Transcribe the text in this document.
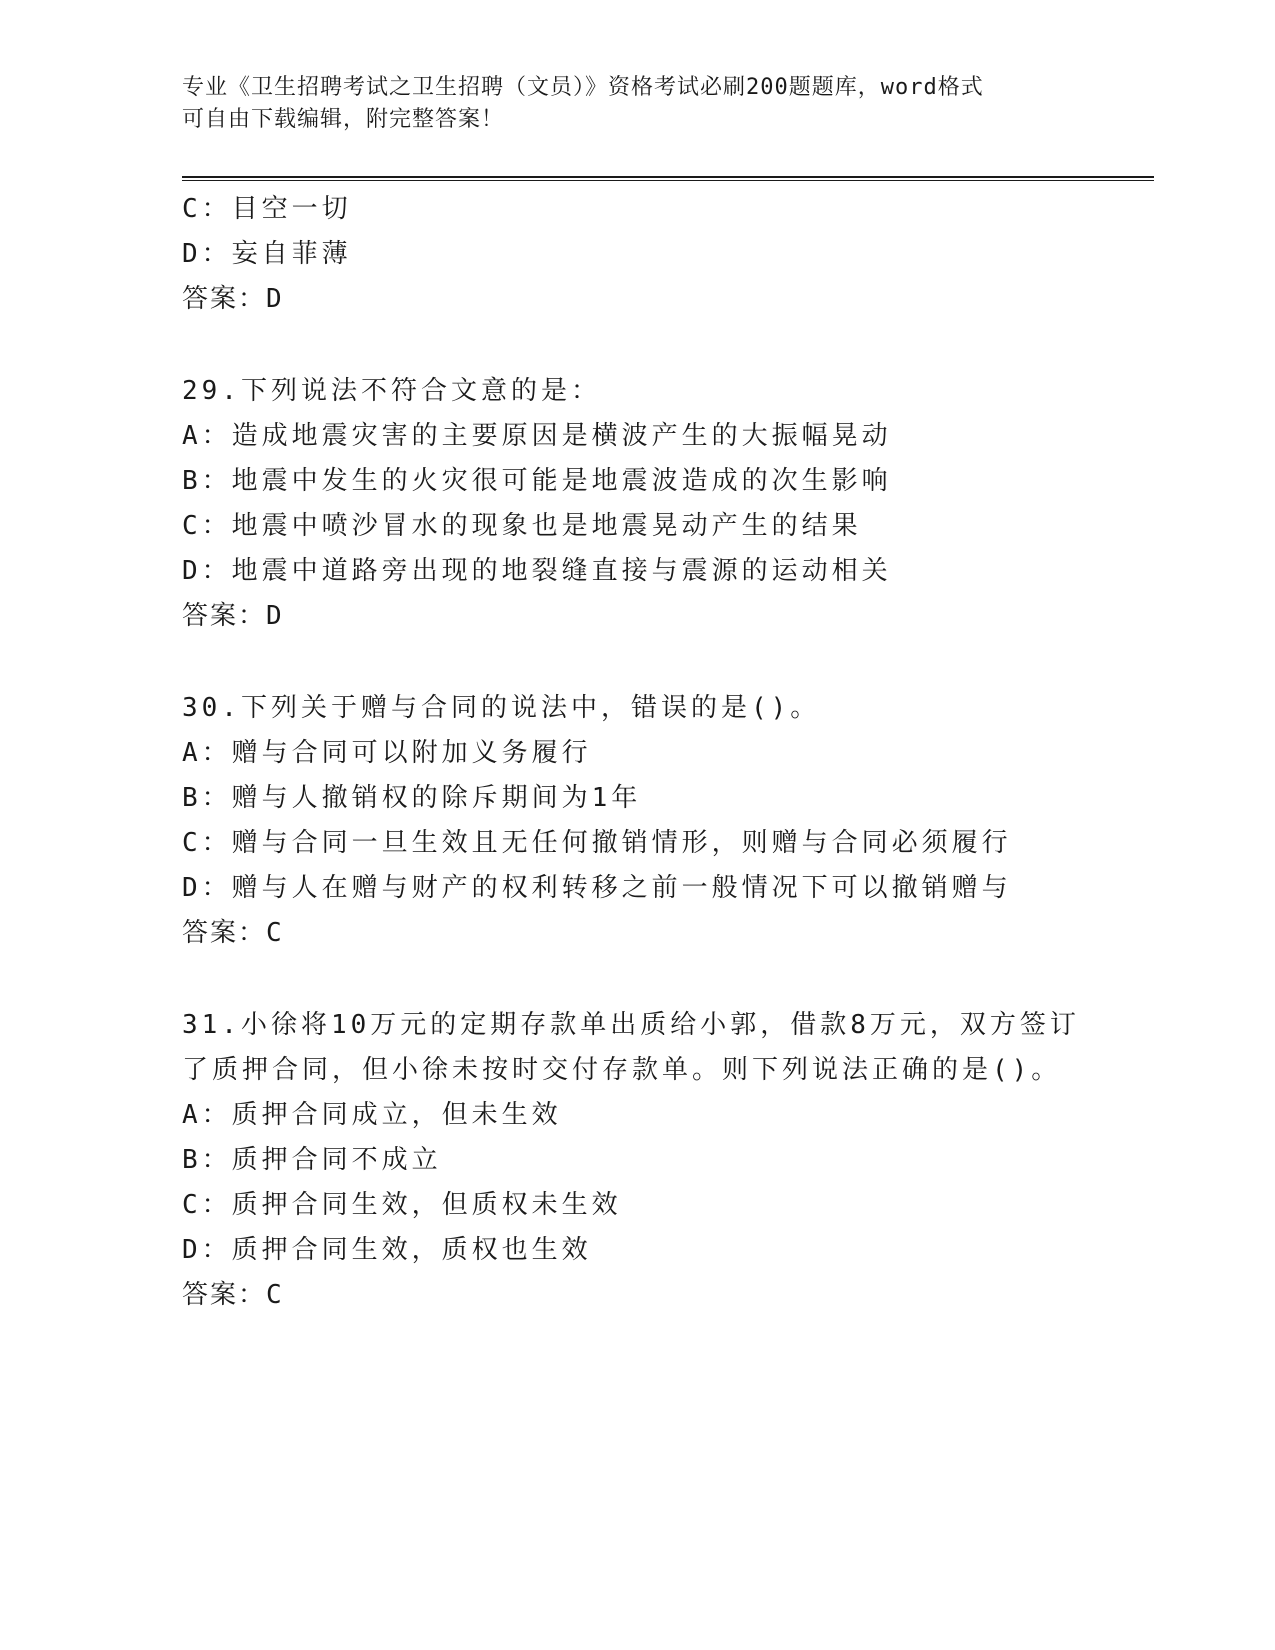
专业《卫生招聘考试之卫生招聘（文员）》资格考试必刷200题题库，word格式
可自由下载编辑，附完整答案！
C：目空一切
D：妄自菲薄
答案：D
29.下列说法不符合文意的是：
A：造成地震灾害的主要原因是横波产生的大振幅晃动
B：地震中发生的火灾很可能是地震波造成的次生影响
C：地震中喷沙冒水的现象也是地震晃动产生的结果
D：地震中道路旁出现的地裂缝直接与震源的运动相关
答案：D
30.下列关于赠与合同的说法中，错误的是()。
A：赠与合同可以附加义务履行
B：赠与人撤销权的除斥期间为1年
C：赠与合同一旦生效且无任何撤销情形，则赠与合同必须履行
D：赠与人在赠与财产的权利转移之前一般情况下可以撤销赠与
答案：C
31.小徐将10万元的定期存款单出质给小郭，借款8万元，双方签订
了质押合同，但小徐未按时交付存款单。则下列说法正确的是()。
A：质押合同成立，但未生效
B：质押合同不成立
C：质押合同生效，但质权未生效
D：质押合同生效，质权也生效
答案：C
